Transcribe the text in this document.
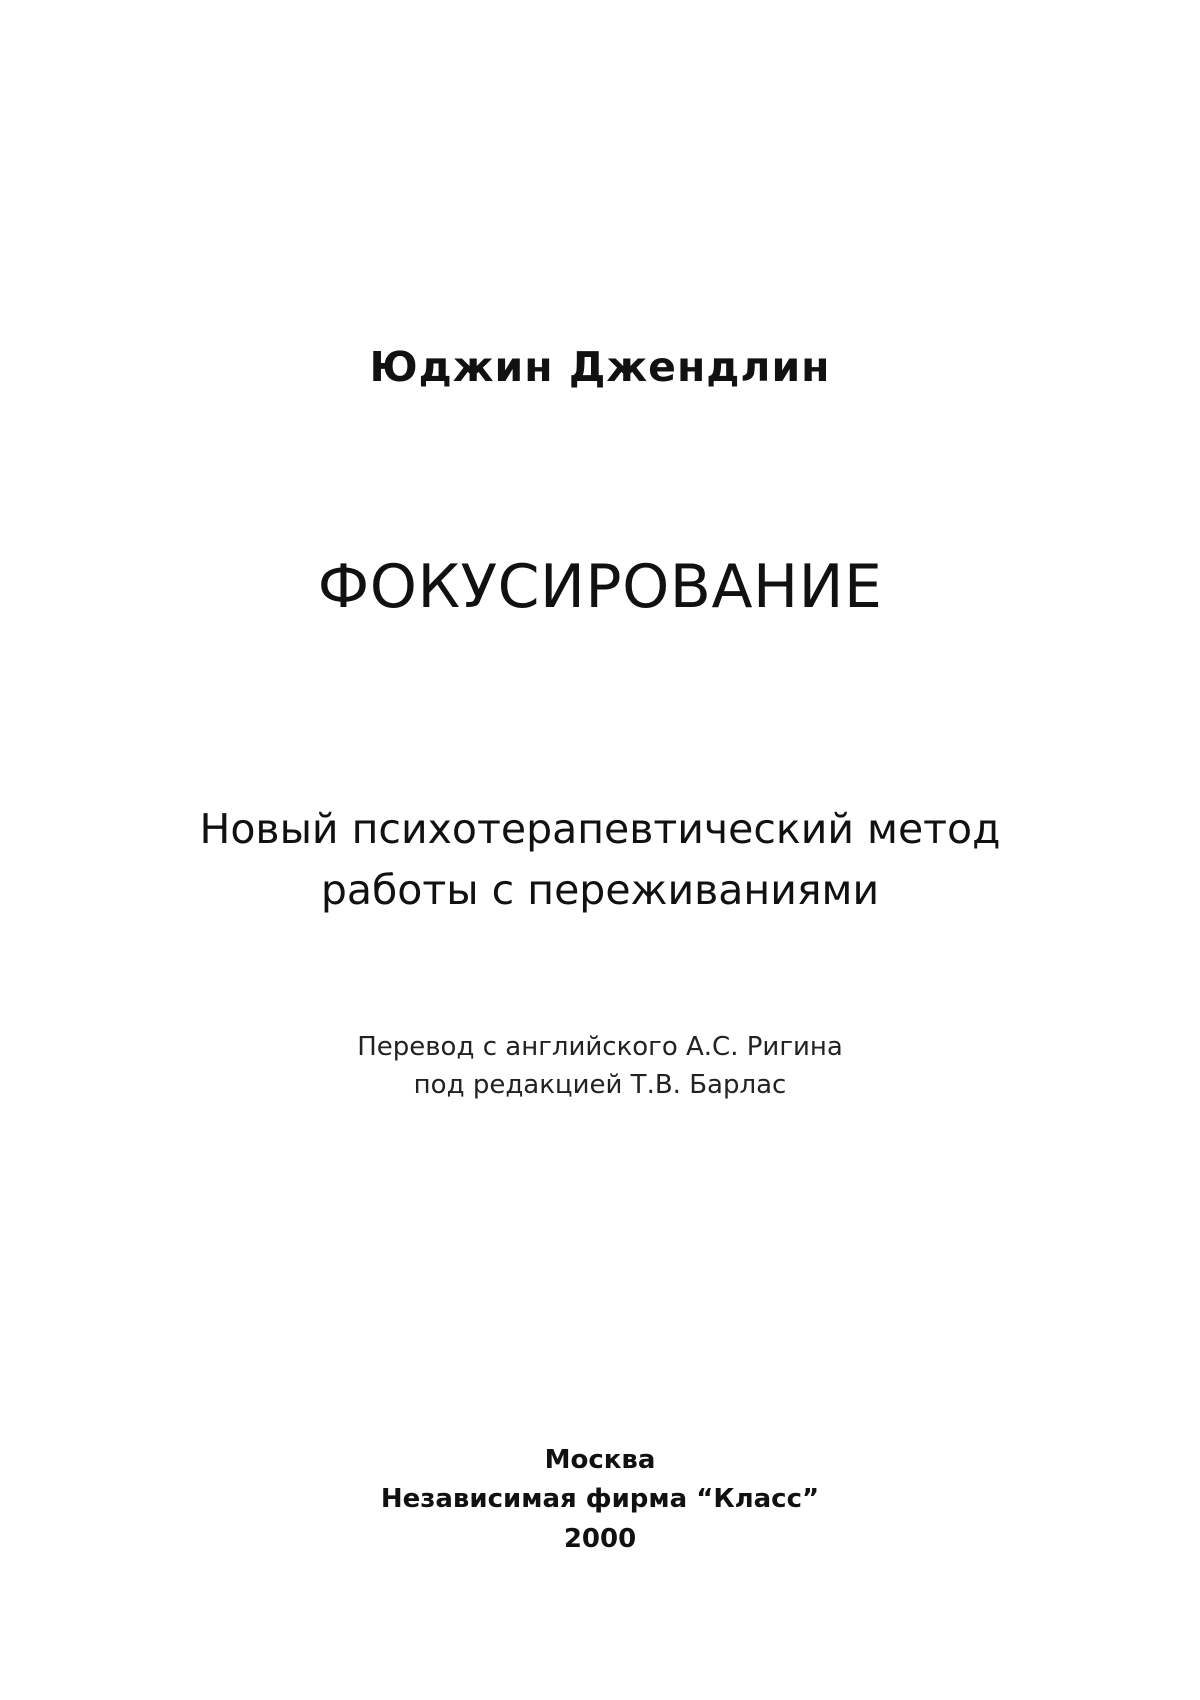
Юджин Джендлин
ФОКУСИРОВАНИЕ
Новый психотерапевтический метод
работы с переживаниями
Перевод с английского А.С. Ригина
под редакцией Т.В. Барлас
Москва
Независимая фирма “Класс”
2000
